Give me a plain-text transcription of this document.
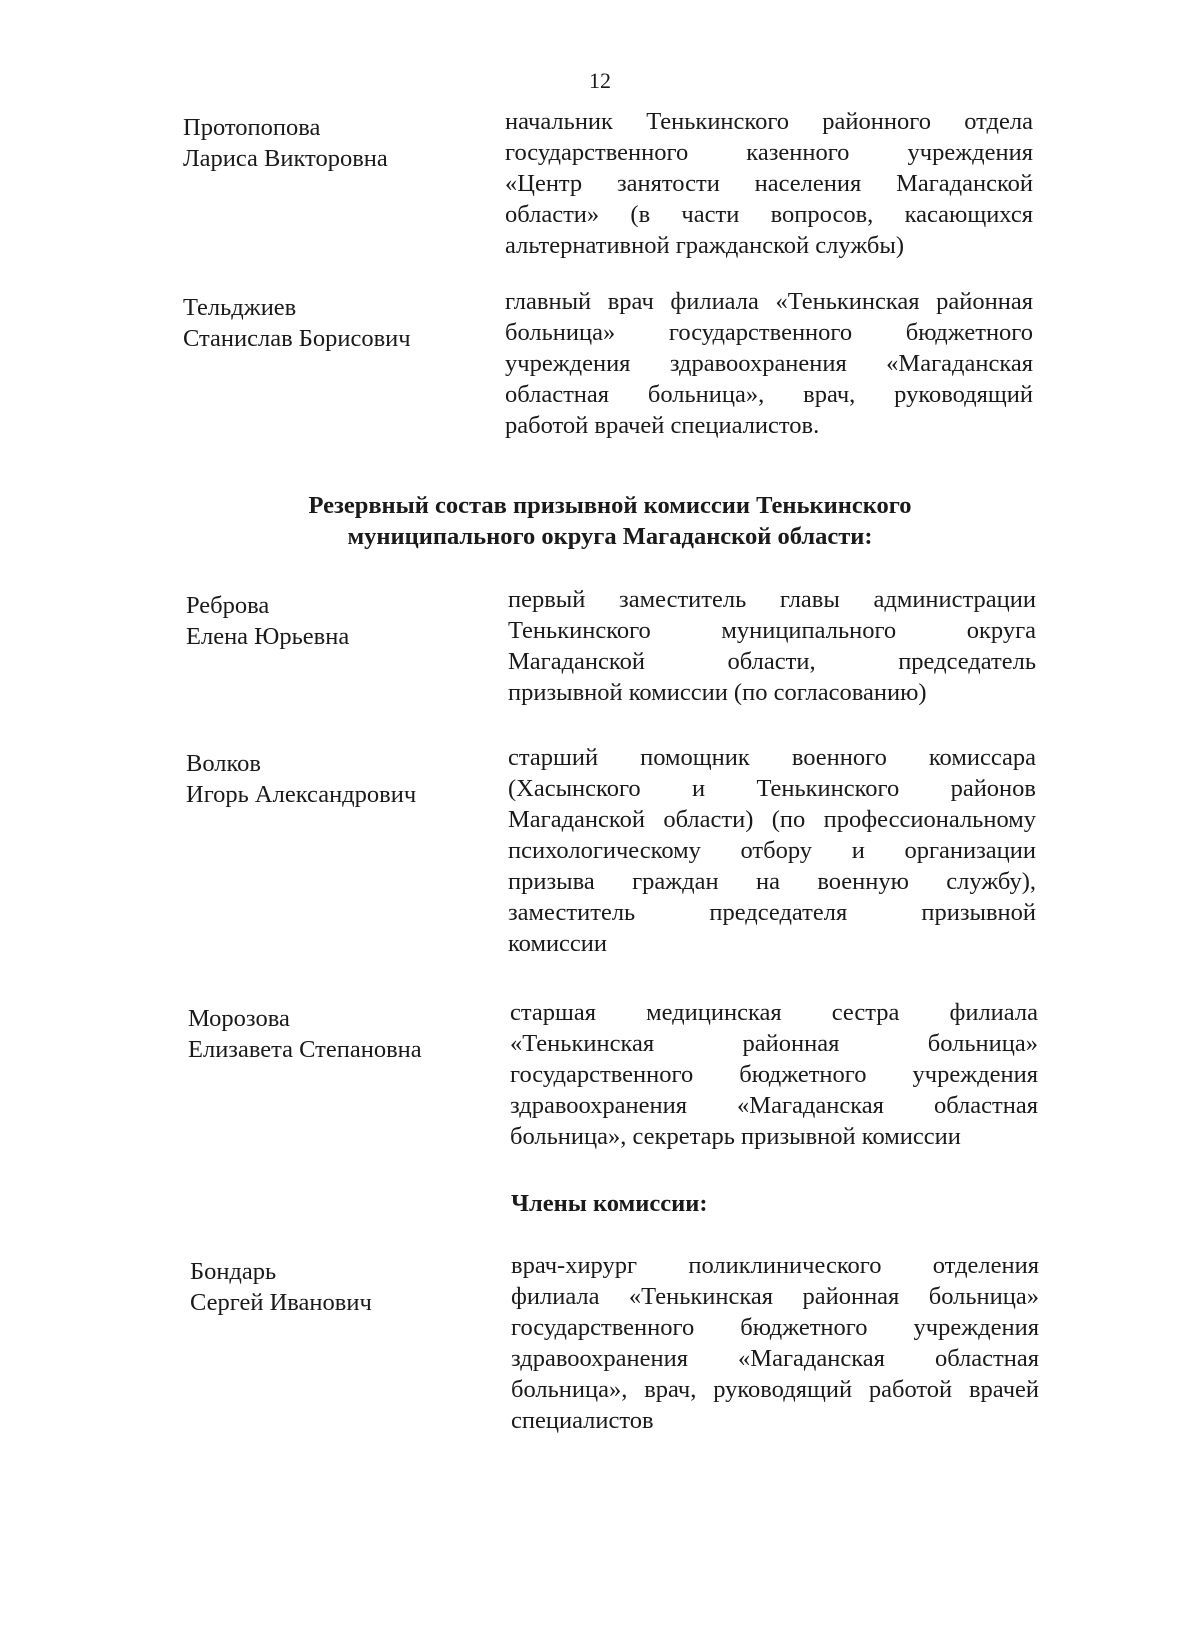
12
Протопопова
Лариса Викторовна
начальник Тенькинского районного отдела
государственного казенного учреждения
«Центр занятости населения Магаданской
области» (в части вопросов, касающихся
альтернативной гражданской службы)
Тельджиев
Станислав Борисович
главный врач филиала «Тенькинская районная
больница» государственного бюджетного
учреждения здравоохранения «Магаданская
областная больница», врач, руководящий
работой врачей специалистов.
Резервный состав призывной комиссии Тенькинского
муниципального округа Магаданской области:
Реброва
Елена Юрьевна
первый заместитель главы администрации
Тенькинского муниципального округа
Магаданской области, председатель
призывной комиссии (по согласованию)
Волков
Игорь Александрович
старший помощник военного комиссара
(Хасынского и Тенькинского районов
Магаданской области) (по профессиональному
психологическому отбору и организации
призыва граждан на военную службу),
заместитель председателя призывной
комиссии
Морозова
Елизавета Степановна
старшая медицинская сестра филиала
«Тенькинская районная больница»
государственного бюджетного учреждения
здравоохранения «Магаданская областная
больница», секретарь призывной комиссии
Члены комиссии:
Бондарь
Сергей Иванович
врач-хирург поликлинического отделения
филиала «Тенькинская районная больница»
государственного бюджетного учреждения
здравоохранения «Магаданская областная
больница», врач, руководящий работой врачей
специалистов
